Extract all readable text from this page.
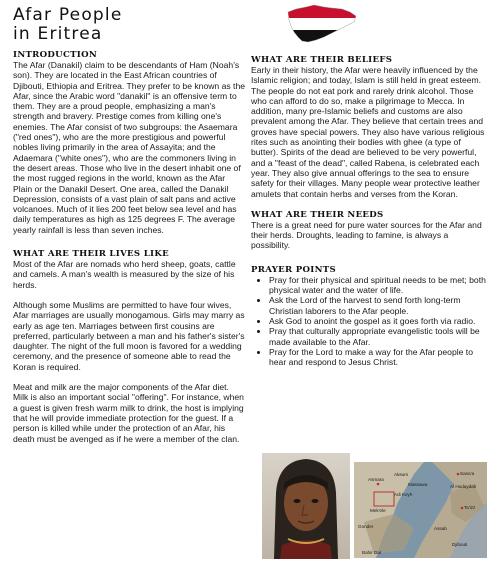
Afar People
in Eritrea
INTRODUCTION

The Afar (Danakil) claim to be descendants of Ham (Noah's son). They are located in the East African countries of Djibouti, Ethiopia and Eritrea. They prefer to be known as the Afar, since the Arabic word "danakil" is an offensive term to them. They are a proud people, emphasizing a man's strength and bravery. Prestige comes from killing one's enemies. The Afar consist of two subgroups: the Asaemara ("red ones"), who are the more prestigious and powerful nobles living primarily in the area of Assayita; and the Adaemara ("white ones"), who are the commoners living in the desert areas. Those who live in the desert inhabit one of the most rugged regions in the world, known as the Afar Plain or the Danakil Desert. One area, called the Danakil Depression, consists of a vast plain of salt pans and active volcanoes. Much of it lies 200 feet below sea level and has daily temperatures as high as 125 degrees F. The average yearly rainfall is less than seven inches.

WHAT ARE THEIR LIVES LIKE

Most of the Afar are nomads who herd sheep, goats, cattle and camels. A man's wealth is measured by the size of his herds.

Although some Muslims are permitted to have four wives, Afar marriages are usually monogamous. Girls may marry as early as age ten. Marriages between first cousins are preferred, particularly between a man and his father's sister's daughter. The night of the full moon is favored for a wedding ceremony, and the presence of someone able to read the Koran is required.

Meat and milk are the major components of the Afar diet. Milk is also an important social "offering". For instance, when a guest is given fresh warm milk to drink, the host is implying that he will provide immediate protection for the guest. If a person is killed while under the protection of an Afar, his death must be avenged as if he were a member of the clan.

WHAT ARE THEIR BELIEFS

Early in their history, the Afar were heavily influenced by the Islamic religion; and today, Islam is still held in great esteem. The people do not eat pork and rarely drink alcohol. Those who can afford to do so, make a pilgrimage to Mecca. In addition, many pre-Islamic beliefs and customs are also prevalent among the Afar. They believe that certain trees and groves have special powers. They also have various religious rites such as anointing their bodies with ghee (a type of butter). Spirits of the dead are believed to be very powerful, and a "feast of the dead", called Rabena, is celebrated each year. They also give annual offerings to the sea to ensure safety for their villages. Many people wear protective leather amulets that contain herbs and verses from the Koran.

WHAT ARE THEIR NEEDS

There is a great need for pure water sources for the Afar and their herds. Droughts, leading to famine, is always a possibility.

PRAYER POINTS
• Pray for their physical and spiritual needs to be met; both physical water and the water of life.
• Ask the Lord of the harvest to send forth long-term Christian laborers to the Afar people.
• Ask God to anoint the gospel as it goes forth via radio.
• Pray that culturally appropriate evangelistic tools will be made available to the Afar.
• Pray for the Lord to make a way for the Afar people to hear and respond to Jesus Christ.
Sana'a
Asmara
Mek'ele
Al Hudaydah
Ta'izz
Djibouti
Bahir Dar
Gonder
Aksum
Adi Keyh
Massawa
Assab
